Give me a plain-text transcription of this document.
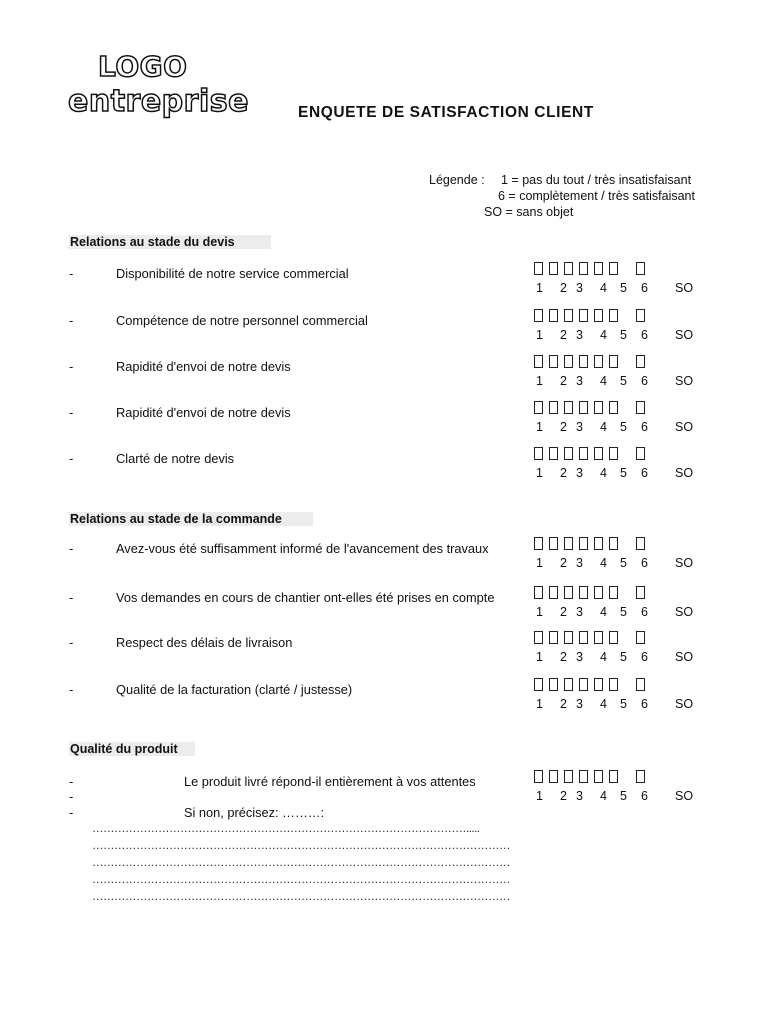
LOGO
entreprise	ENQUETE DE SATISFACTION CLIENT
Légende : 1 = pas du tout / très insatisfaisant
6 = complètement / très satisfaisant
SO = sans objet
Relations au stade du devis
-	Disponibilité de notre service commercial
1 2 3 4 5 6 SO
-	Compétence de notre personnel commercial
1 2 3 4 5 6 SO
-	Rapidité d'envoi de notre devis
1 2 3 4 5 6 SO
-	Rapidité d'envoi de notre devis
1 2 3 4 5 6 SO
-	Clarté de notre devis
1 2 3 4 5 6 SO
-	Avez-vous été suffisamment informé de l'avancement des travaux
1 2 3 4 5 6 SO
-	Vos demandes en cours de chantier ont-elles été prises en compte
1 2 3 4 5 6 SO
-	Respect des délais de livraison
1 2 3 4 5 6 SO
-	Qualité de la facturation (clarté / justesse)
1 2 3 4 5 6 SO
-	Le produit livré répond-il entièrement à vos attentes
1 2 3 4 5 6 SO
-	Si non, précisez: ………:
-
Relations au stade de la commande
Qualité du produit
………………………………………………………………………………………….....
……………………………………………………………………………………………………
……………………………………………………………………………………………………
……………………………………………………………………………………………………
……………………………………………………………………………………………………
